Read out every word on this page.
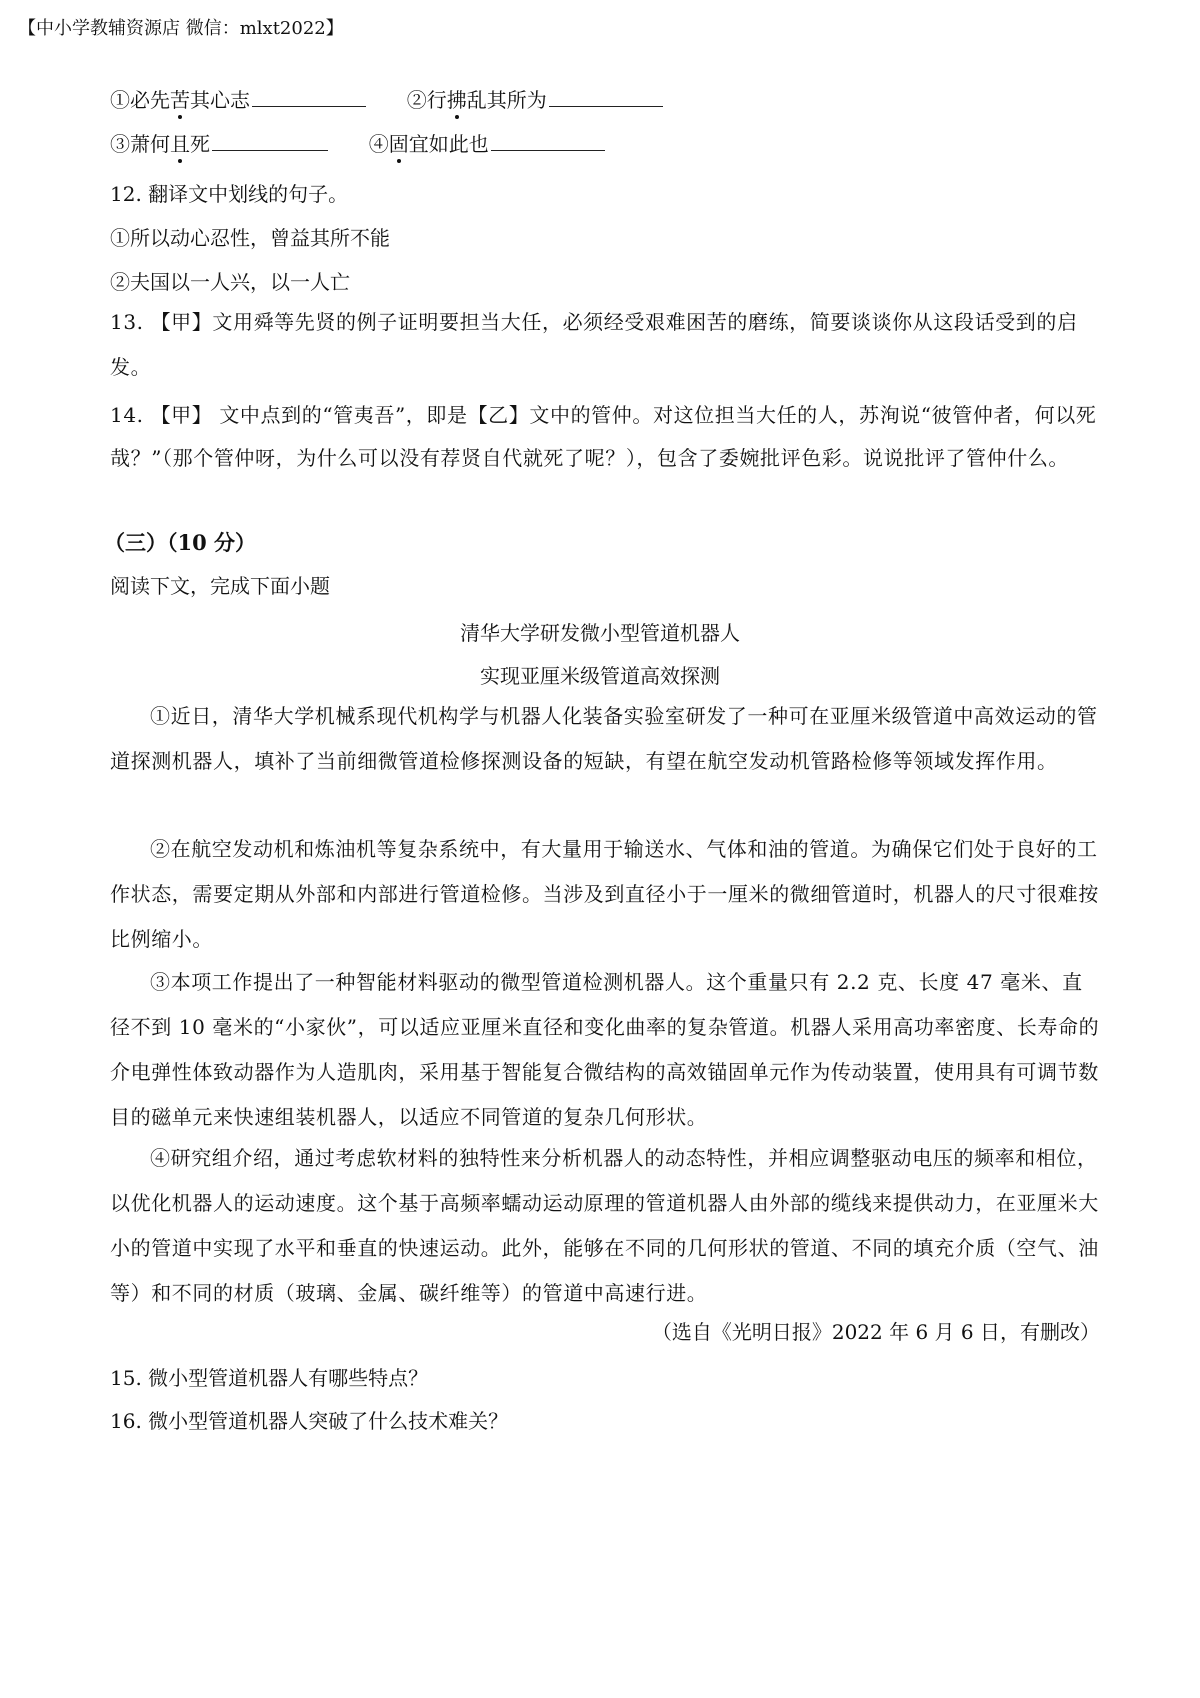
【中小学教辅资源店 微信：mlxt2022】
①必先苦其心志	②行拂乱其所为
③萧何且死	④固宜如此也
12. 翻译文中划线的句子。
①所以动心忍性，曾益其所不能
②夫国以一人兴，以一人亡
13. 【甲】文用舜等先贤的例子证明要担当大任，必须经受艰难困苦的磨练，简要谈谈你从这段话受到的启发。
14. 【甲】 文中点到的“管夷吾”，即是【乙】文中的管仲。对这位担当大任的人，苏洵说“彼管仲者，何以死哉？”（那个管仲呀，为什么可以没有荐贤自代就死了呢？），包含了委婉批评色彩。说说批评了管仲什么。
（三）（10 分）
阅读下文，完成下面小题
清华大学研发微小型管道机器人
实现亚厘米级管道高效探测
①近日，清华大学机械系现代机构学与机器人化装备实验室研发了一种可在亚厘米级管道中高效运动的管道探测机器人，填补了当前细微管道检修探测设备的短缺，有望在航空发动机管路检修等领域发挥作用。
②在航空发动机和炼油机等复杂系统中，有大量用于输送水、气体和油的管道。为确保它们处于良好的工作状态，需要定期从外部和内部进行管道检修。当涉及到直径小于一厘米的微细管道时，机器人的尺寸很难按比例缩小。
③本项工作提出了一种智能材料驱动的微型管道检测机器人。这个重量只有 2.2 克、长度 47 毫米、直径不到 10 毫米的“小家伙”，可以适应亚厘米直径和变化曲率的复杂管道。机器人采用高功率密度、长寿命的介电弹性体致动器作为人造肌肉，采用基于智能复合微结构的高效锚固单元作为传动装置，使用具有可调节数目的磁单元来快速组装机器人，以适应不同管道的复杂几何形状。
④研究组介绍，通过考虑软材料的独特性来分析机器人的动态特性，并相应调整驱动电压的频率和相位，以优化机器人的运动速度。这个基于高频率蠕动运动原理的管道机器人由外部的缆线来提供动力，在亚厘米大小的管道中实现了水平和垂直的快速运动。此外，能够在不同的几何形状的管道、不同的填充介质（空气、油等）和不同的材质（玻璃、金属、碳纤维等）的管道中高速行进。
（选自《光明日报》2022 年 6 月 6 日，有删改）
15. 微小型管道机器人有哪些特点？
16. 微小型管道机器人突破了什么技术难关？
